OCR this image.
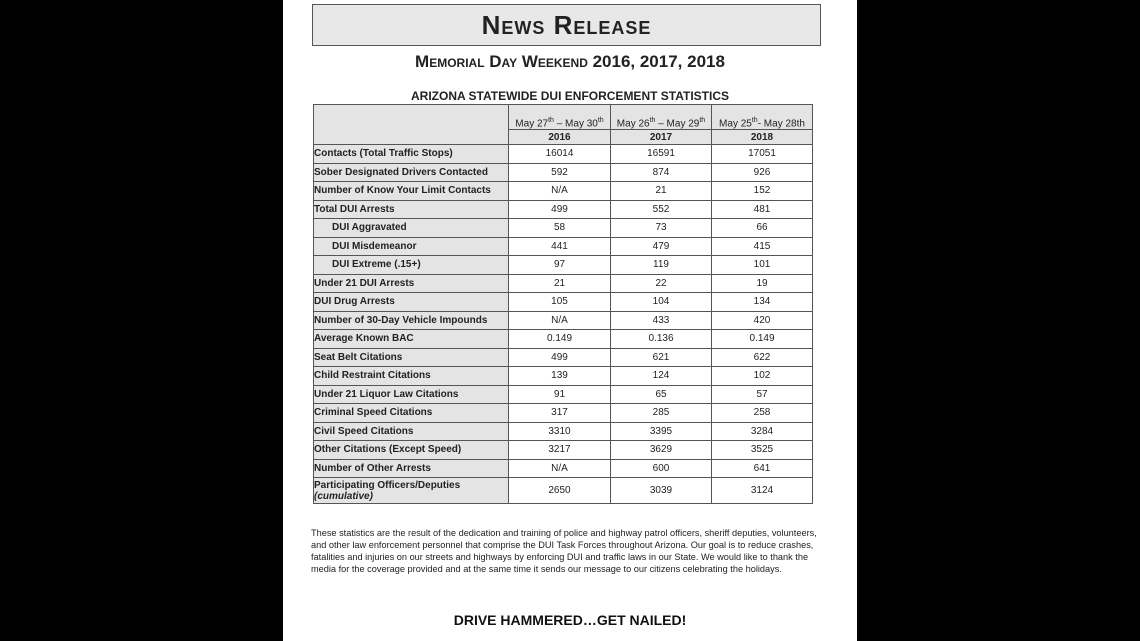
News Release
Memorial Day Weekend 2016, 2017, 2018
ARIZONA STATEWIDE DUI ENFORCEMENT STATISTICS
	May 27th – May 30th	May 26th – May 29th	May 25th- May 28th
	2016	2017	2018
Contacts (Total Traffic Stops)	16014	16591	17051
Sober Designated Drivers Contacted	592	874	926
Number of Know Your Limit Contacts	N/A	21	152
Total DUI Arrests	499	552	481
DUI Aggravated	58	73	66
DUI Misdemeanor	441	479	415
DUI Extreme (.15+)	97	119	101
Under 21 DUI Arrests	21	22	19
DUI Drug Arrests	105	104	134
Number of 30-Day Vehicle Impounds	N/A	433	420
Average Known BAC	0.149	0.136	0.149
Seat Belt Citations	499	621	622
Child Restraint Citations	139	124	102
Under 21 Liquor Law Citations	91	65	57
Criminal Speed Citations	317	285	258
Civil Speed Citations	3310	3395	3284
Other Citations (Except Speed)	3217	3629	3525
Number of Other Arrests	N/A	600	641
Participating Officers/Deputies
(cumulative)	2650	3039	3124
These statistics are the result of the dedication and training of police and highway patrol officers, sheriff deputies, volunteers, and other law enforcement personnel that comprise the DUI Task Forces throughout Arizona. Our goal is to reduce crashes, fatalities and injuries on our streets and highways by enforcing DUI and traffic laws in our State. We would like to thank the media for the coverage provided and at the same time it sends our message to our citizens celebrating the holidays.
DRIVE HAMMERED…GET NAILED!
